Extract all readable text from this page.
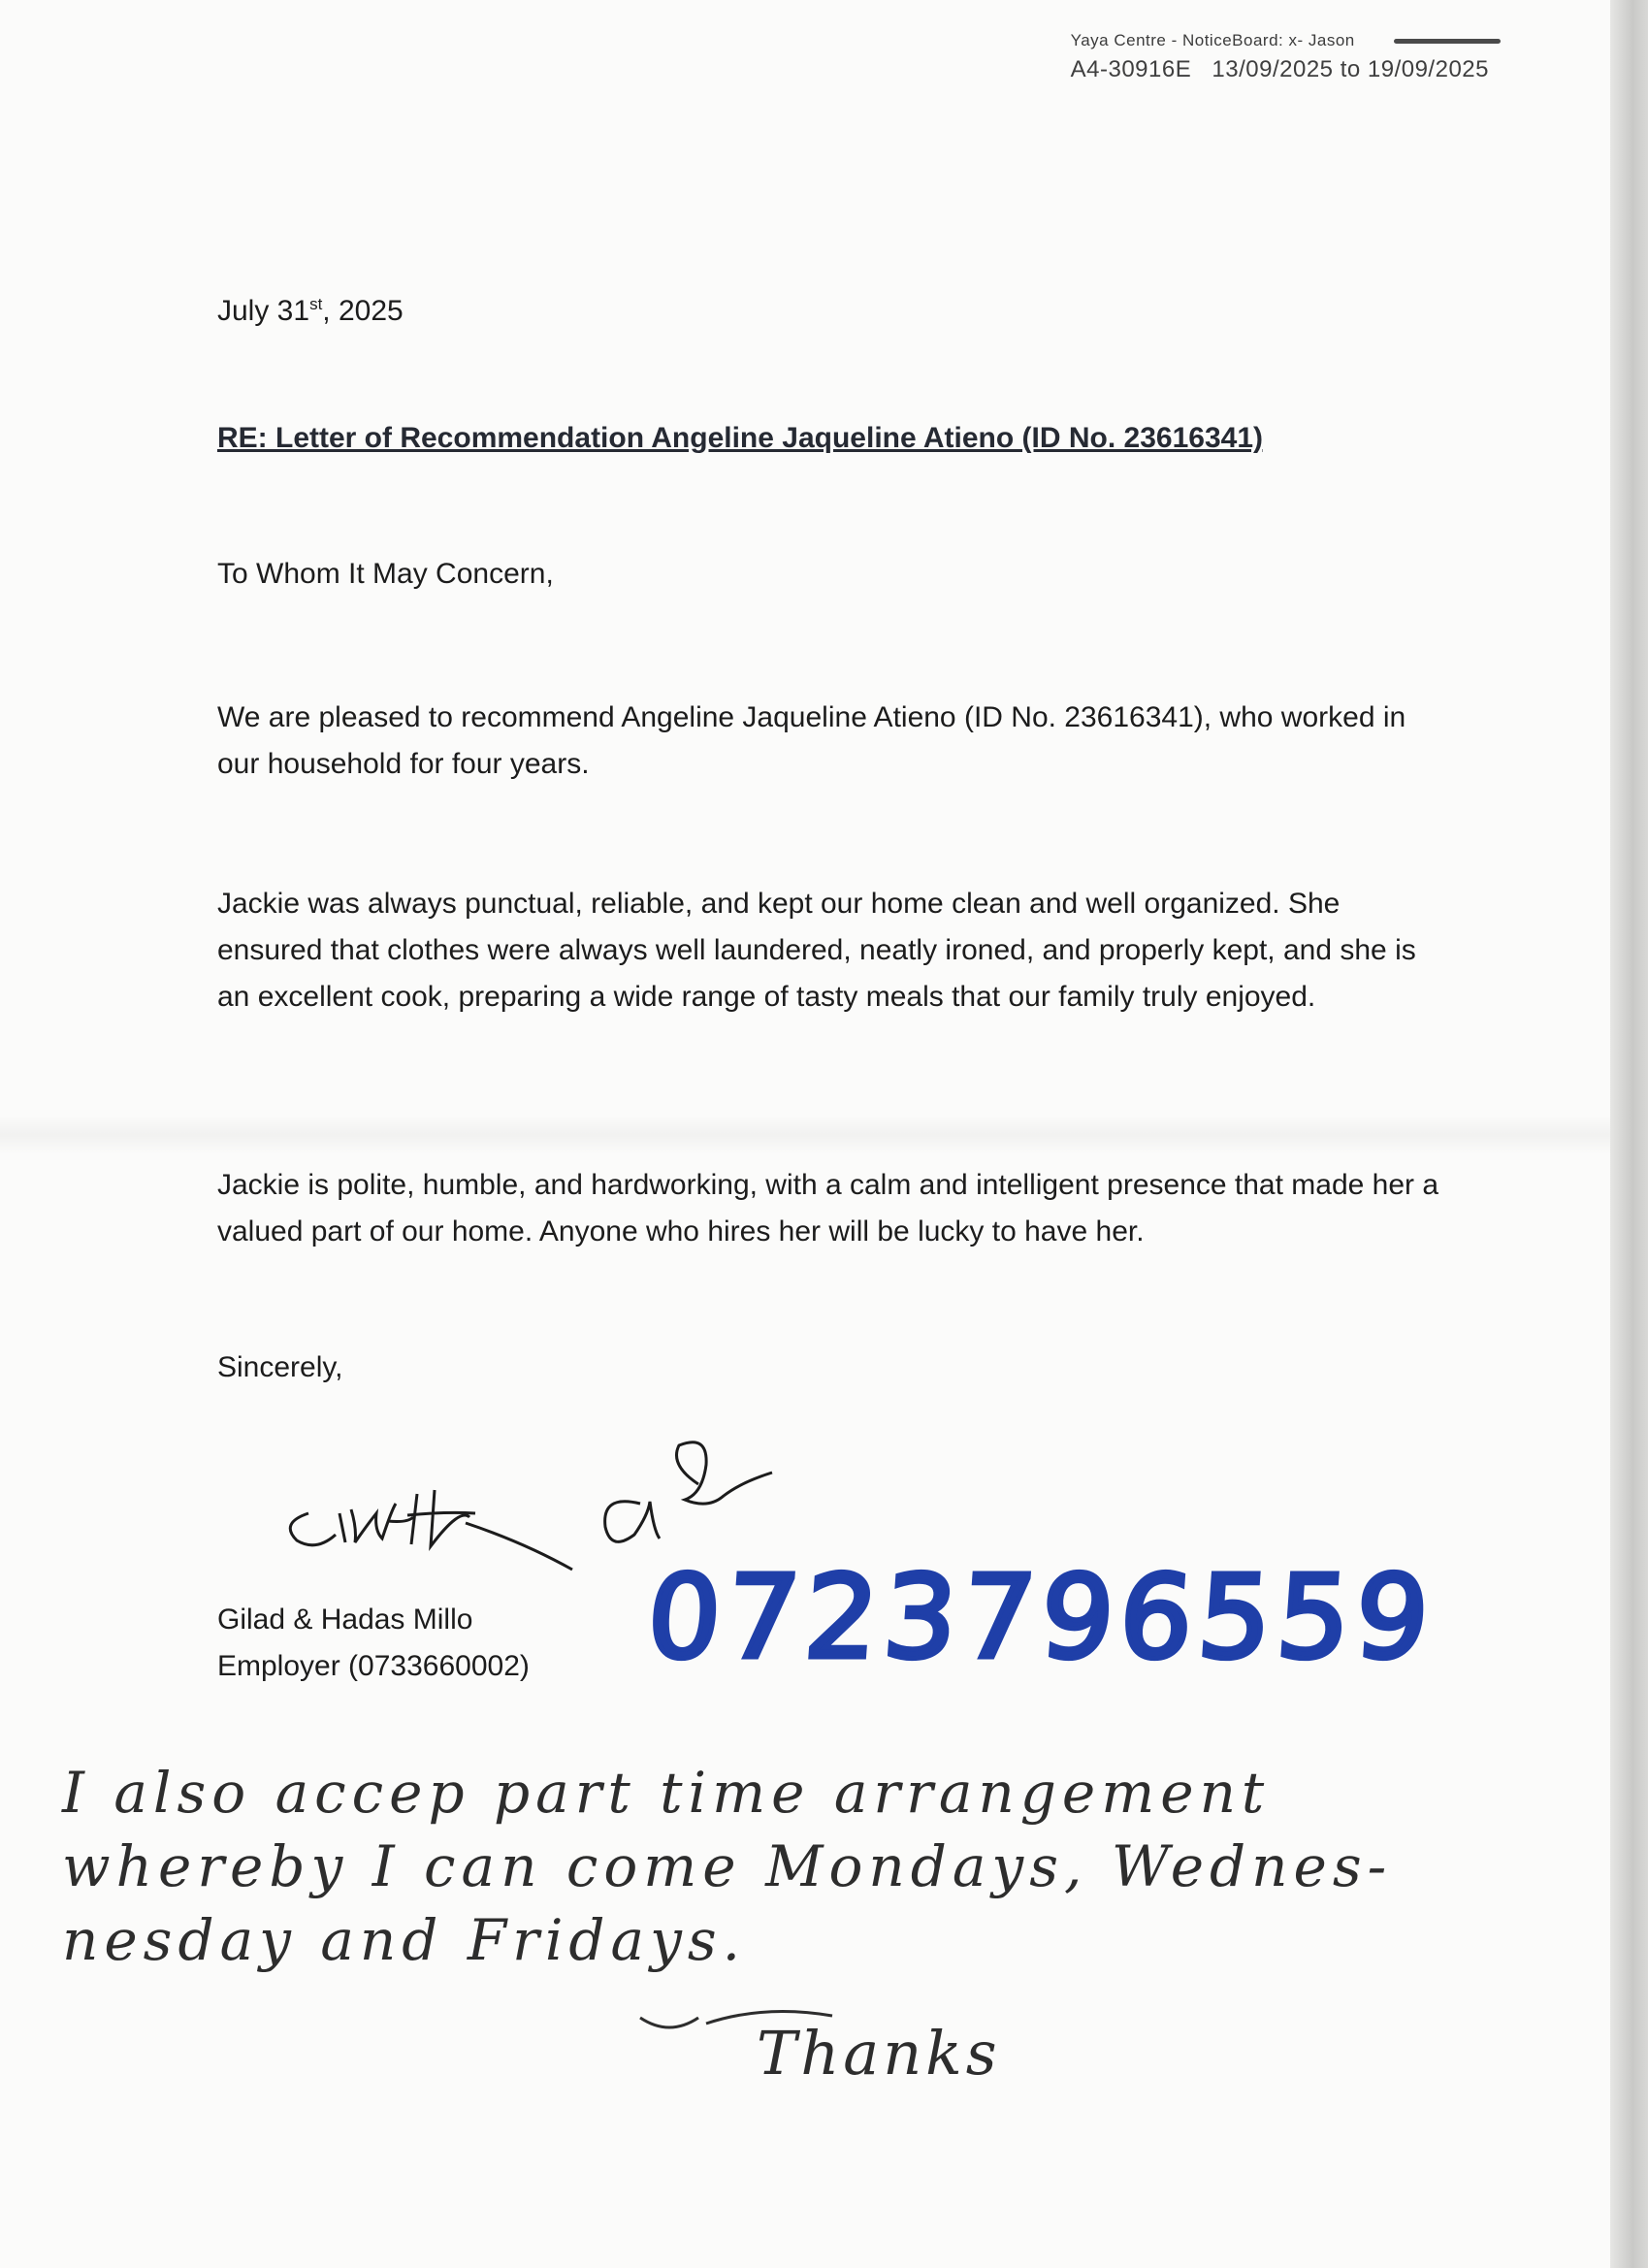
Yaya Centre - NoticeBoard: x- Jason
A4-30916E 13/09/2025 to 19/09/2025
July 31st, 2025
RE: Letter of Recommendation Angeline Jaqueline Atieno (ID No. 23616341)
To Whom It May Concern,
We are pleased to recommend Angeline Jaqueline Atieno (ID No. 23616341), who worked in our household for four years.
Jackie was always punctual, reliable, and kept our home clean and well organized. She ensured that clothes were always well laundered, neatly ironed, and properly kept, and she is an excellent cook, preparing a wide range of tasty meals that our family truly enjoyed.
Jackie is polite, humble, and hardworking, with a calm and intelligent presence that made her a valued part of our home. Anyone who hires her will be lucky to have her.
Sincerely,
Gilad & Hadas Millo
Employer (0733660002) 0723796559
I also accep part time arrangement
whereby I can come Mondays, Wednes-
nesday and Fridays.
Thanks
